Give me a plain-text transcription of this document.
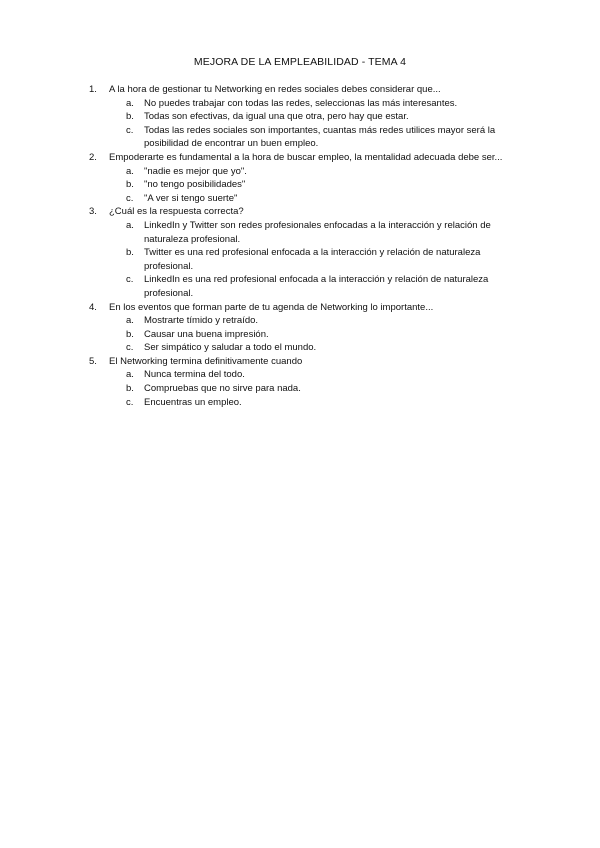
MEJORA DE LA EMPLEABILIDAD - TEMA 4
1. A la hora de gestionar tu Networking en redes sociales debes considerar que...
a. No puedes trabajar con todas las redes, seleccionas las más interesantes.
b. Todas son efectivas, da igual una que otra, pero hay que estar.
c. Todas las redes sociales son importantes, cuantas más redes utilices mayor será la posibilidad de encontrar un buen empleo.
2. Empoderarte es fundamental a la hora de buscar empleo, la mentalidad adecuada debe ser...
a. "nadie es mejor que yo".
b. "no tengo posibilidades"
c. "A ver si tengo suerte"
3. ¿Cuál es la respuesta correcta?
a. LinkedIn y Twitter son redes profesionales enfocadas a la interacción y relación de naturaleza profesional.
b. Twitter es una red profesional enfocada a la interacción y relación de naturaleza profesional.
c. LinkedIn es una red profesional enfocada a la interacción y relación de naturaleza profesional.
4. En los eventos que forman parte de tu agenda de Networking lo importante...
a. Mostrarte tímido y retraído.
b. Causar una buena impresión.
c. Ser simpático y saludar a todo el mundo.
5. El Networking termina definitivamente cuando
a. Nunca termina del todo.
b. Compruebas que no sirve para nada.
c. Encuentras un empleo.
